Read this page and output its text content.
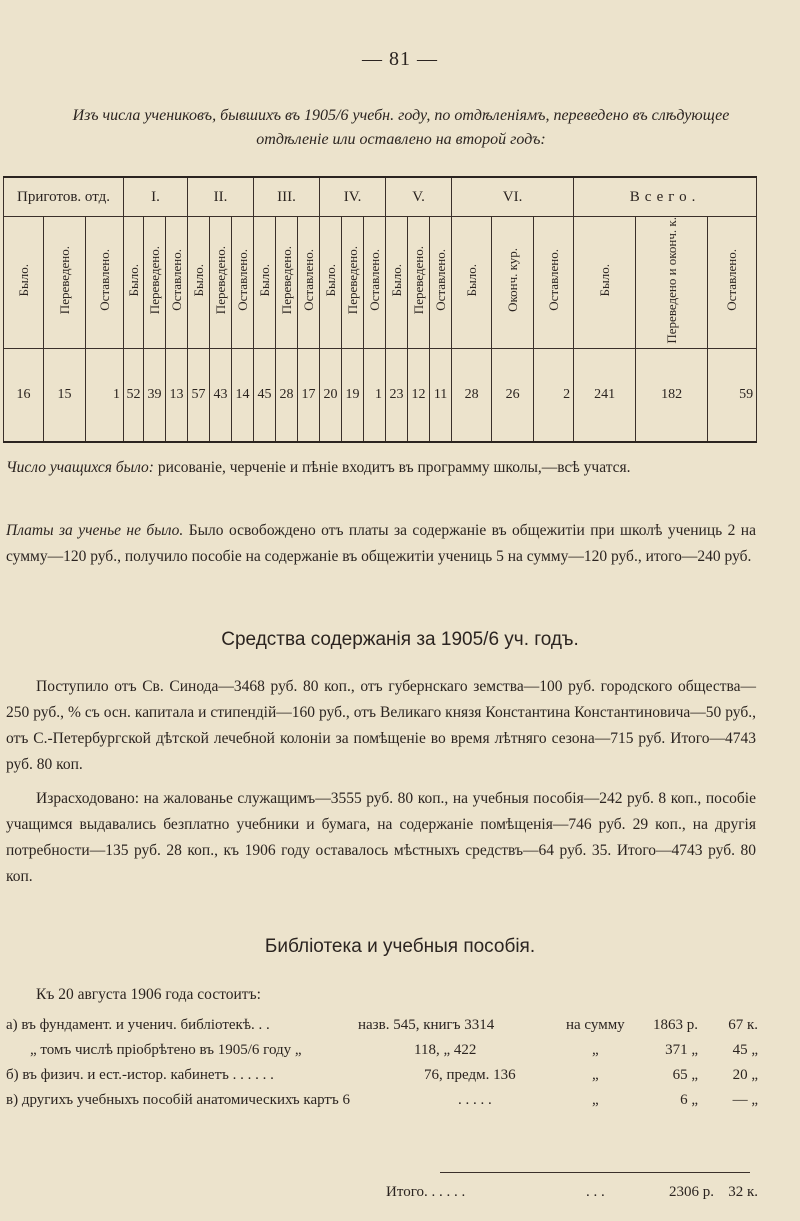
— 81 —
Изъ числа учениковъ, бывшихъ въ 1905/6 учебн. году, по отдѣленіямъ, переведено въ слѣдующее
отдѣленіе или оставлено на второй годъ:
Приготов. отд.			I.			II.			III.			IV.			V.			VI.			Всего.		
Было.	Переведено.	Оставлено.	Было.	Переведено.	Оставлено.	Было.	Переведено.	Оставлено.	Было.	Переведено.	Оставлено.	Было.	Переведено.	Оставлено.	Было.	Переведено.	Оставлено.	Было.	Оконч. кур.	Оставлено.	Было.	Переведено и оконч. к.	Оставлено.
16	15	1	52	39	13	57	43	14	45	28	17	20	19	1	23	12	11	28	26	2	241	182	59
Число учащихся было: рисованіе, черченіе и пѣніе входитъ въ программу школы,—всѣ учатся.
Платы за ученье не было. Было освобождено отъ платы за содержаніе въ общежитіи при школѣ учениць 2 на сумму—120 руб., получило пособіе на содержаніе въ общежитіи учениць 5 на сумму—120 руб., итого—240 руб.
Средства содержанія за 1905/6 уч. годъ.
Поступило отъ Св. Синода—3468 руб. 80 коп., отъ губернскаго земства—100 руб. городского общества—250 руб., % съ осн. капитала и стипендій—160 руб., отъ Великаго князя Константина Константиновича—50 руб., отъ С.-Петербургской дѣтской лечебной колоніи за помѣщеніе во время лѣтняго сезона—715 руб. Итого—4743 руб. 80 коп.
Израсходовано: на жалованье служащимъ—3555 руб. 80 коп., на учебныя пособія—242 руб. 8 коп., пособіе учащимся выдавались безплатно учебники и бумага, на содержаніе помѣщенія—746 руб. 29 коп., на другія потребности—135 руб. 28 коп., къ 1906 году оставалось мѣстныхъ средствъ—64 руб. 35. Итого—4743 руб. 80 коп.
Библіотека и учебныя пособія.
Къ 20 августа 1906 года состоитъ:
а) въ фундамент. и ученич. библіотекѣ. . .	назв. 545, книгъ 3314	на сумму 1863 р. 67 к.
„ томъ числѣ пріобрѣтено въ 1905/6 году „	118, „ 422	„	371 „ 45 „
б) въ физич. и ест.-истор. кабинетъ . . . . . .	76, предм. 136	„	65 „ 20 „
в) другихъ учебныхъ пособій анатомическихъ картъ 6	. . . . .	„	6 „ — „
Итого. . . . . .	. . .	2306 р. 32 к.
